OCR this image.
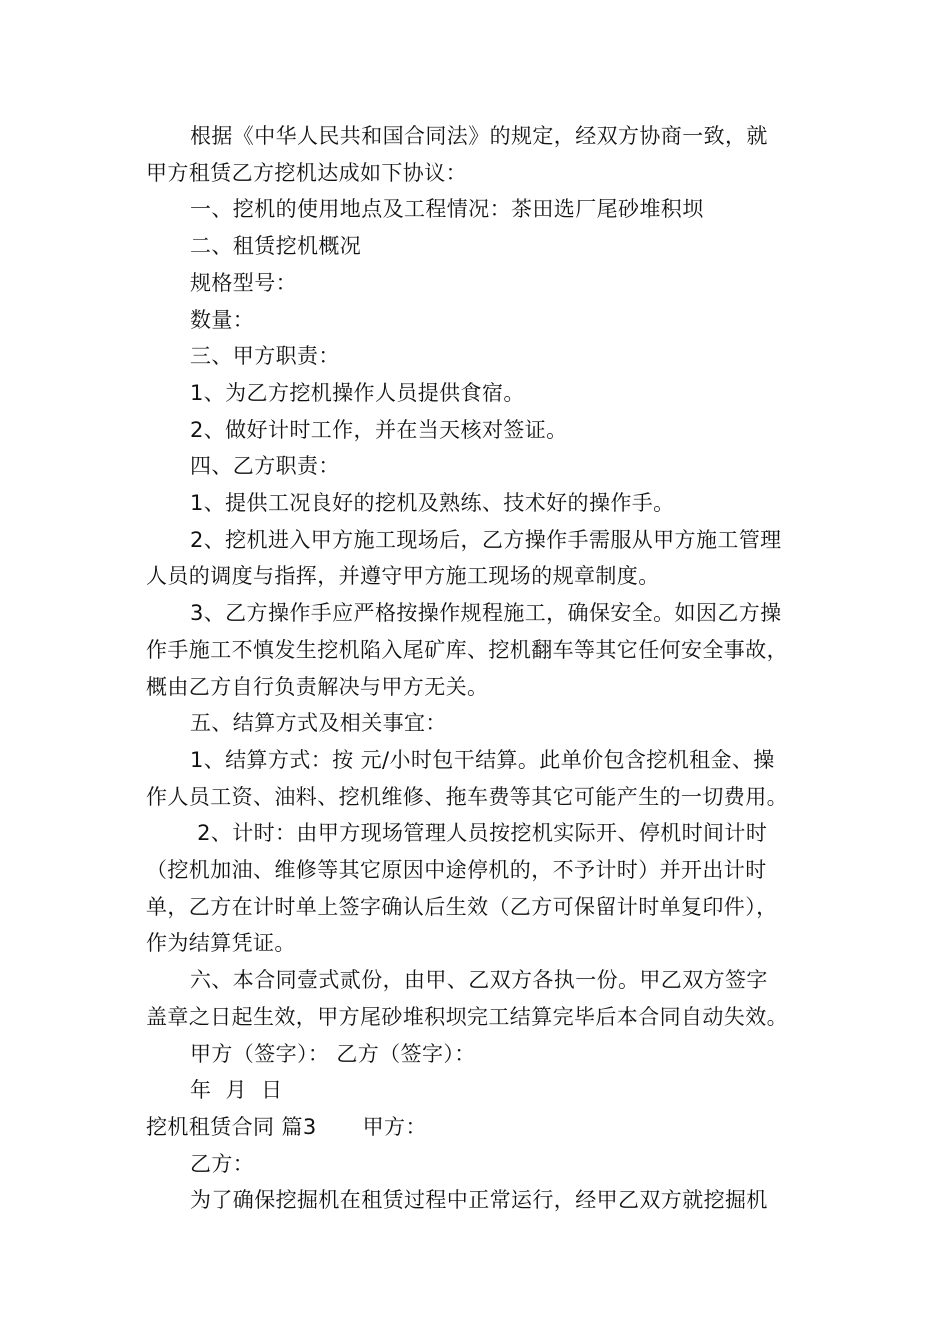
根据《中华人民共和国合同法》的规定，经双方协商一致，就
甲方租赁乙方挖机达成如下协议：
一、挖机的使用地点及工程情况：茶田选厂尾砂堆积坝
二、租赁挖机概况
规格型号：
数量：
三、甲方职责：
1、为乙方挖机操作人员提供食宿。
2、做好计时工作，并在当天核对签证。
四、乙方职责：
1、提供工况良好的挖机及熟练、技术好的操作手。
2、挖机进入甲方施工现场后，乙方操作手需服从甲方施工管理
人员的调度与指挥，并遵守甲方施工现场的规章制度。
3、乙方操作手应严格按操作规程施工，确保安全。如因乙方操
作手施工不慎发生挖机陷入尾矿库、挖机翻车等其它任何安全事故，
概由乙方自行负责解决与甲方无关。
五、结算方式及相关事宜：
1、结算方式：按 元/小时包干结算。此单价包含挖机租金、操
作人员工资、油料、挖机维修、拖车费等其它可能产生的一切费用。
2、计时：由甲方现场管理人员按挖机实际开、停机时间计时
（挖机加油、维修等其它原因中途停机的，不予计时）并开出计时
单，乙方在计时单上签字确认后生效（乙方可保留计时单复印件），
作为结算凭证。
六、本合同壹式贰份，由甲、乙双方各执一份。甲乙双方签字
盖章之日起生效，甲方尾砂堆积坝完工结算完毕后本合同自动失效。
甲方（签字）： 乙方（签字）：
年  月  日
挖机租赁合同 篇3 甲方：
乙方：
为了确保挖掘机在租赁过程中正常运行，经甲乙双方就挖掘机
